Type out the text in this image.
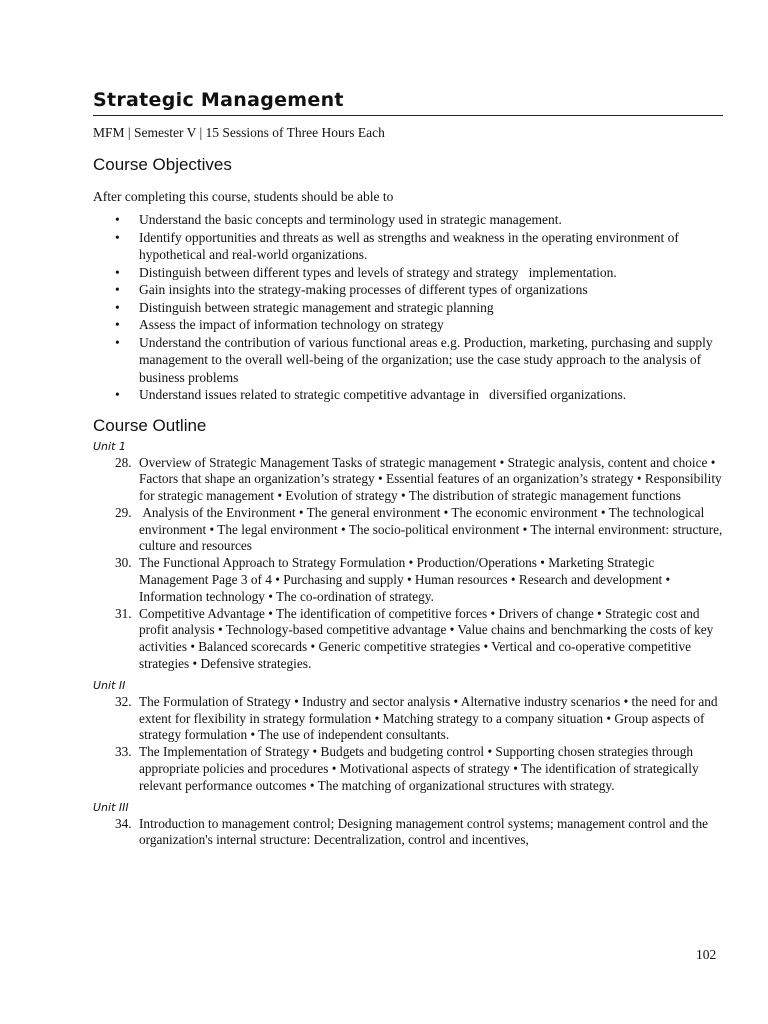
Strategic Management
MFM | Semester V | 15 Sessions of Three Hours Each
Course Objectives
After completing this course, students should be able to
• Understand the basic concepts and terminology used in strategic management.
• Identify opportunities and threats as well as strengths and weakness in the operating environment of hypothetical and real-world organizations.
• Distinguish between different types and levels of strategy and strategy   implementation.
• Gain insights into the strategy-making processes of different types of organizations
• Distinguish between strategic management and strategic planning
• Assess the impact of information technology on strategy
• Understand the contribution of various functional areas e.g. Production, marketing, purchasing and supply management to the overall well-being of the organization; use the case study approach to the analysis of business problems
• Understand issues related to strategic competitive advantage in   diversified organizations.
Course Outline
Unit 1
28. Overview of Strategic Management Tasks of strategic management • Strategic analysis, content and choice • Factors that shape an organization’s strategy • Essential features of an organization’s strategy • Responsibility for strategic management • Evolution of strategy • The distribution of strategic management functions
29. Analysis of the Environment • The general environment • The economic environment • The technological environment • The legal environment • The socio-political environment • The internal environment: structure, culture and resources
30. The Functional Approach to Strategy Formulation • Production/Operations • Marketing Strategic Management Page 3 of 4 • Purchasing and supply • Human resources • Research and development • Information technology • The co-ordination of strategy.
31. Competitive Advantage • The identification of competitive forces • Drivers of change • Strategic cost and profit analysis • Technology-based competitive advantage • Value chains and benchmarking the costs of key activities • Balanced scorecards • Generic competitive strategies • Vertical and co-operative competitive strategies • Defensive strategies.
Unit II
32. The Formulation of Strategy • Industry and sector analysis • Alternative industry scenarios • the need for and extent for flexibility in strategy formulation • Matching strategy to a company situation • Group aspects of strategy formulation • The use of independent consultants.
33. The Implementation of Strategy • Budgets and budgeting control • Supporting chosen strategies through appropriate policies and procedures • Motivational aspects of strategy • The identification of strategically relevant performance outcomes • The matching of organizational structures with strategy.
Unit III
34. Introduction to management control; Designing management control systems; management control and the organization's internal structure: Decentralization, control and incentives,
102
